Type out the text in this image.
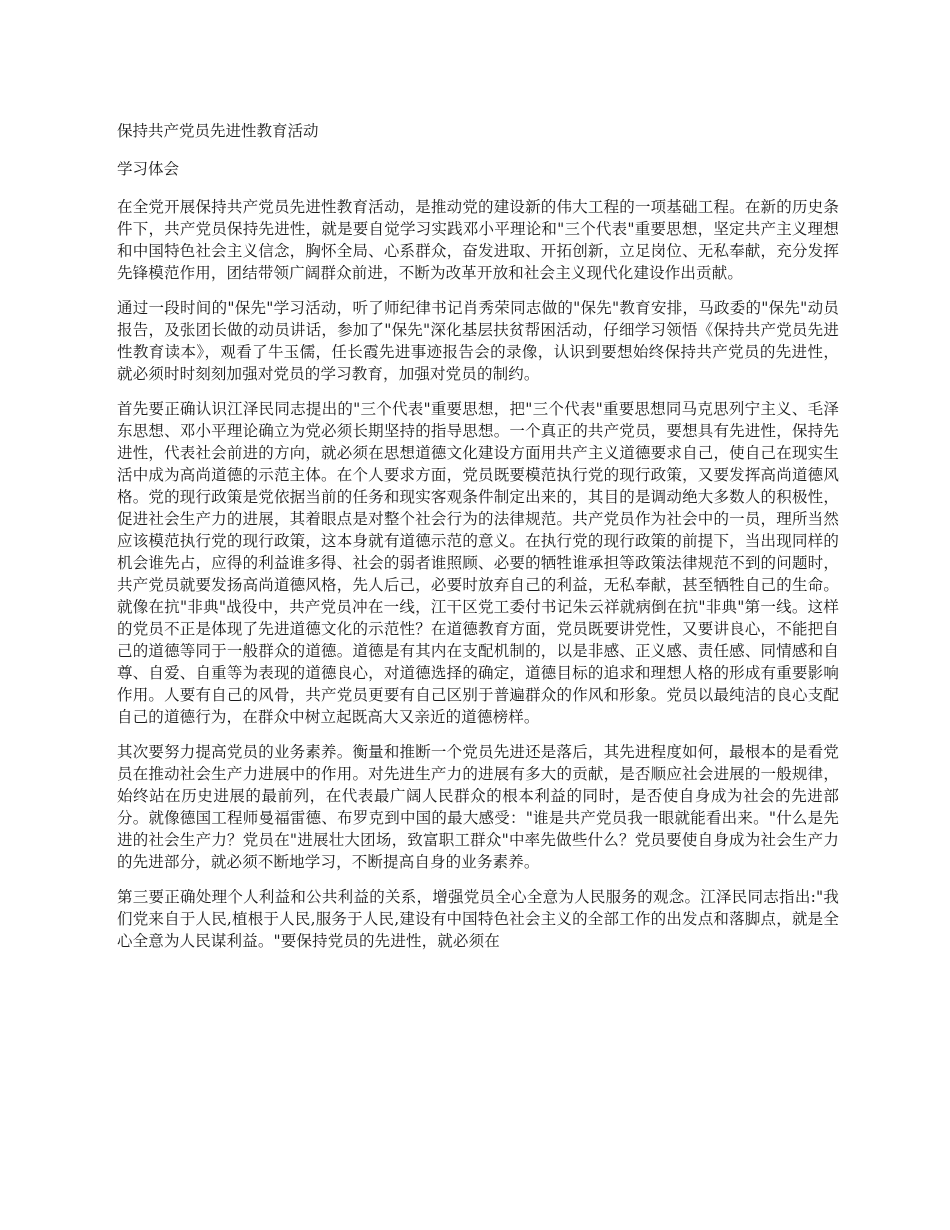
保持共产党员先进性教育活动

学习体会

在全党开展保持共产党员先进性教育活动，是推动党的建设新的伟大工程的一项基础工程。在新的历史条件下，共产党员保持先进性，就是要自觉学习实践邓小平理论和"三个代表"重要思想，坚定共产主义理想和中国特色社会主义信念，胸怀全局、心系群众，奋发进取、开拓创新，立足岗位、无私奉献，充分发挥先锋模范作用，团结带领广阔群众前进，不断为改革开放和社会主义现代化建设作出贡献。

通过一段时间的"保先"学习活动，听了师纪律书记肖秀荣同志做的"保先"教育安排，马政委的"保先"动员报告，及张团长做的动员讲话，参加了"保先"深化基层扶贫帮困活动，仔细学习领悟《保持共产党员先进性教育读本》，观看了牛玉儒，任长霞先进事迹报告会的录像，认识到要想始终保持共产党员的先进性，就必须时时刻刻加强对党员的学习教育，加强对党员的制约。

首先要正确认识江泽民同志提出的"三个代表"重要思想，把"三个代表"重要思想同马克思列宁主义、毛泽东思想、邓小平理论确立为党必须长期坚持的指导思想。一个真正的共产党员，要想具有先进性，保持先进性，代表社会前进的方向，就必须在思想道德文化建设方面用共产主义道德要求自己，使自己在现实生活中成为高尚道德的示范主体。在个人要求方面，党员既要模范执行党的现行政策，又要发挥高尚道德风格。党的现行政策是党依据当前的任务和现实客观条件制定出来的，其目的是调动绝大多数人的积极性，促进社会生产力的进展，其着眼点是对整个社会行为的法律规范。共产党员作为社会中的一员，理所当然应该模范执行党的现行政策，这本身就有道德示范的意义。在执行党的现行政策的前提下，当出现同样的机会谁先占，应得的利益谁多得、社会的弱者谁照顾、必要的牺牲谁承担等政策法律规范不到的问题时，共产党员就要发扬高尚道德风格，先人后己，必要时放弃自己的利益，无私奉献，甚至牺牲自己的生命。就像在抗"非典"战役中，共产党员冲在一线，江干区党工委付书记朱云祥就病倒在抗"非典"第一线。这样的党员不正是体现了先进道德文化的示范性？在道德教育方面，党员既要讲党性，又要讲良心，不能把自己的道德等同于一般群众的道德。道德是有其内在支配机制的，以是非感、正义感、责任感、同情感和自尊、自爱、自重等为表现的道德良心，对道德选择的确定，道德目标的追求和理想人格的形成有重要影响作用。人要有自己的风骨，共产党员更要有自己区别于普遍群众的作风和形象。党员以最纯洁的良心支配自己的道德行为，在群众中树立起既高大又亲近的道德榜样。

其次要努力提高党员的业务素养。衡量和推断一个党员先进还是落后，其先进程度如何，最根本的是看党员在推动社会生产力进展中的作用。对先进生产力的进展有多大的贡献，是否顺应社会进展的一般规律，始终站在历史进展的最前列，在代表最广阔人民群众的根本利益的同时，是否使自身成为社会的先进部分。就像德国工程师曼福雷德、布罗克到中国的最大感受："谁是共产党员我一眼就能看出来。"什么是先进的社会生产力？党员在"进展壮大团场，致富职工群众"中率先做些什么？党员要使自身成为社会生产力的先进部分，就必须不断地学习，不断提高自身的业务素养。

第三要正确处理个人利益和公共利益的关系，增强党员全心全意为人民服务的观念。江泽民同志指出:"我们党来自于人民,植根于人民,服务于人民,建设有中国特色社会主义的全部工作的出发点和落脚点，就是全心全意为人民谋利益。"要保持党员的先进性，就必须在
